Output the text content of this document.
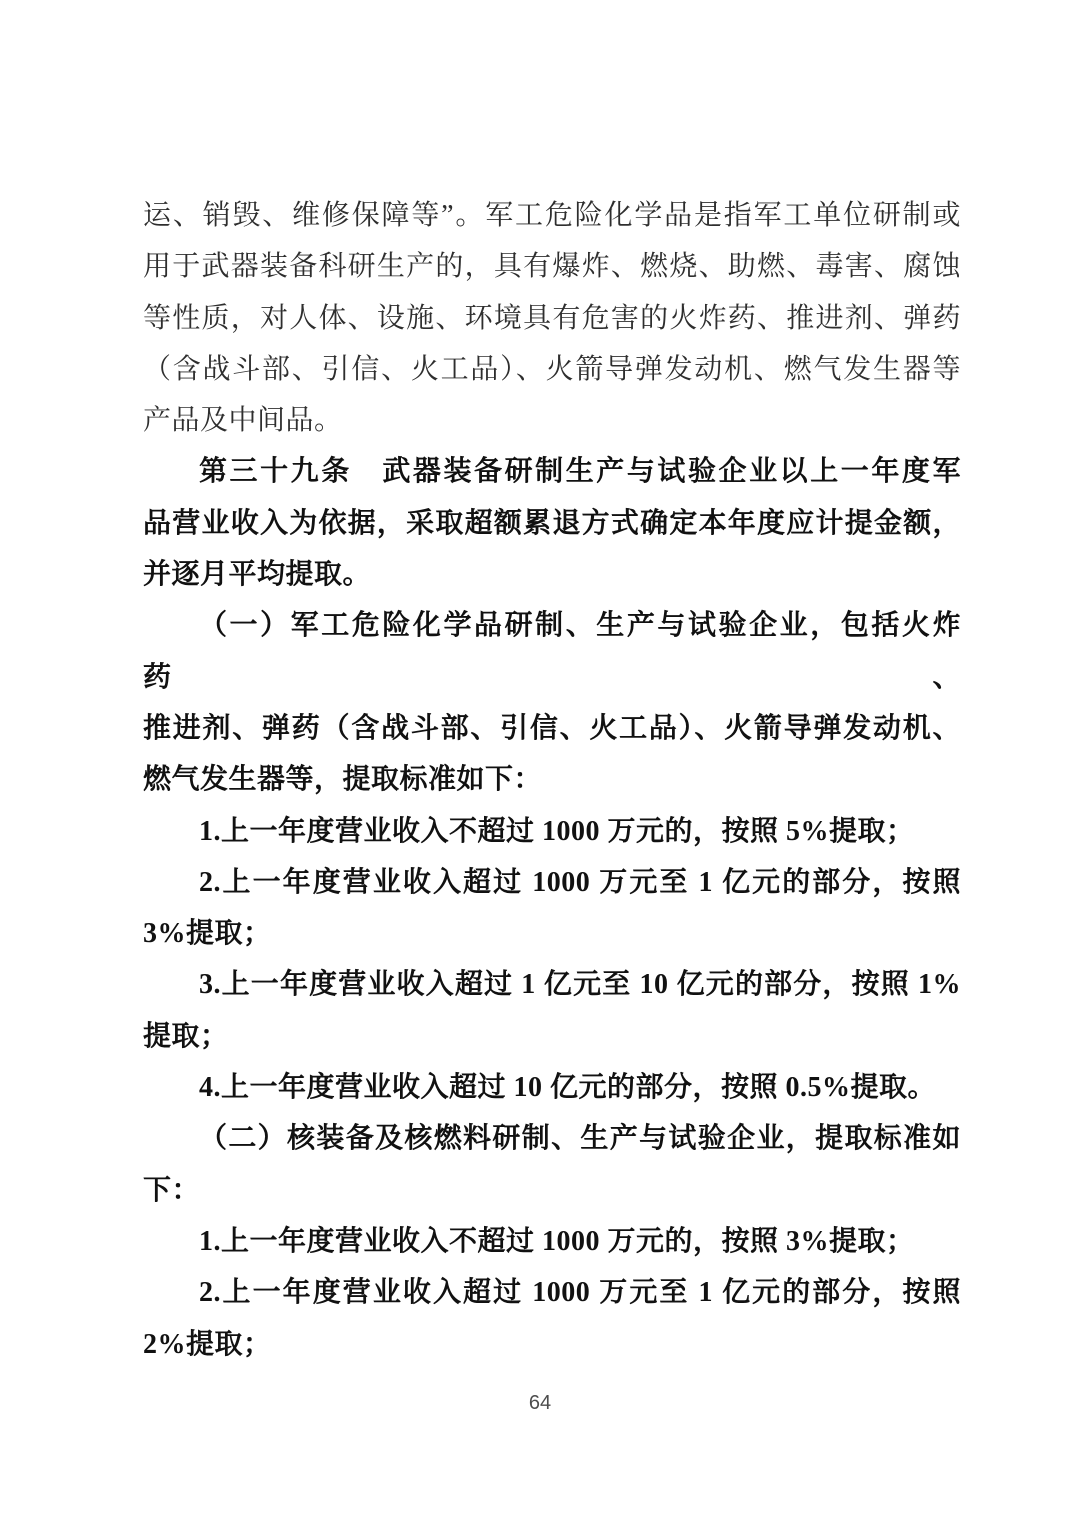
运、销毁、维修保障等”。军工危险化学品是指军工单位研制或
用于武器装备科研生产的，具有爆炸、燃烧、助燃、毒害、腐蚀
等性质，对人体、设施、环境具有危害的火炸药、推进剂、弹药
（含战斗部、引信、火工品）、火箭导弹发动机、燃气发生器等
产品及中间品。
第三十九条　武器装备研制生产与试验企业以上一年度军
品营业收入为依据，采取超额累退方式确定本年度应计提金额，
并逐月平均提取。
（一）军工危险化学品研制、生产与试验企业，包括火炸药、
推进剂、弹药（含战斗部、引信、火工品）、火箭导弹发动机、
燃气发生器等，提取标准如下：
1.上一年度营业收入不超过 1000 万元的，按照 5%提取；
2.上一年度营业收入超过 1000 万元至 1 亿元的部分，按照
3%提取；
3.上一年度营业收入超过 1 亿元至 10 亿元的部分，按照 1%
提取；
4.上一年度营业收入超过 10 亿元的部分，按照 0.5%提取。
（二）核装备及核燃料研制、生产与试验企业，提取标准如
下：
1.上一年度营业收入不超过 1000 万元的，按照 3%提取；
2.上一年度营业收入超过 1000 万元至 1 亿元的部分，按照
2%提取；
64
